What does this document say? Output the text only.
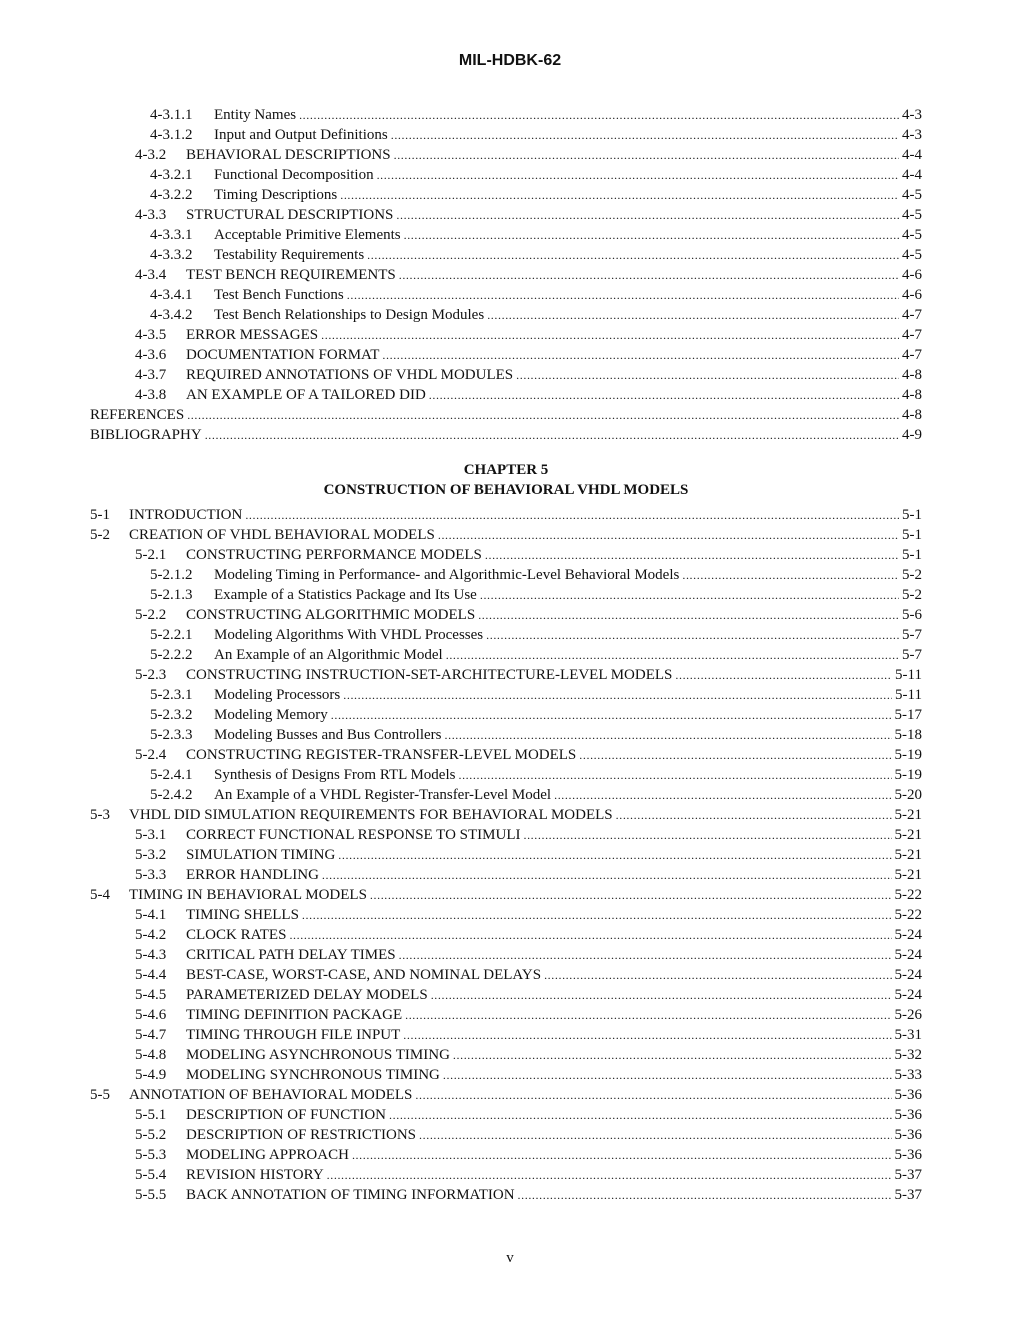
MIL-HDBK-62
4-3.1.1	Entity Names . . .	4-3
4-3.1.2	Input and Output Definitions . . .	4-3
4-3.2	BEHAVIORAL DESCRIPTIONS . . .	4-4
4-3.2.1	Functional Decomposition . . .	4-4
4-3.2.2	Timing Descriptions . . .	4-5
4-3.3	STRUCTURAL DESCRIPTIONS . . .	4-5
4-3.3.1	Acceptable Primitive Elements . . .	4-5
4-3.3.2	Testability Requirements . . .	4-5
4-3.4	TEST BENCH REQUIREMENTS . . .	4-6
4-3.4.1	Test Bench Functions . . .	4-6
4-3.4.2	Test Bench Relationships to Design Modules . . .	4-7
4-3.5	ERROR MESSAGES . . .	4-7
4-3.6	DOCUMENTATION FORMAT . . .	4-7
4-3.7	REQUIRED ANNOTATIONS OF VHDL MODULES . . .	4-8
4-3.8	AN EXAMPLE OF A TAILORED DID . . .	4-8
REFERENCES . . .	4-8
BIBLIOGRAPHY . . .	4-9
CHAPTER 5
CONSTRUCTION OF BEHAVIORAL VHDL MODELS
5-1	INTRODUCTION . . .	5-1
5-2	CREATION OF VHDL BEHAVIORAL MODELS . . .	5-1
5-2.1	CONSTRUCTING PERFORMANCE MODELS . . .	5-1
5-2.1.2	Modeling Timing in Performance- and Algorithmic-Level Behavioral Models . . .	5-2
5-2.1.3	Example of a Statistics Package and Its Use . . .	5-2
5-2.2	CONSTRUCTING ALGORITHMIC MODELS . . .	5-6
5-2.2.1	Modeling Algorithms With VHDL Processes . . .	5-7
5-2.2.2	An Example of an Algorithmic Model . . .	5-7
5-2.3	CONSTRUCTING INSTRUCTION-SET-ARCHITECTURE-LEVEL MODELS . . .	5-11
5-2.3.1	Modeling Processors . . .	5-11
5-2.3.2	Modeling Memory . . .	5-17
5-2.3.3	Modeling Busses and Bus Controllers . . .	5-18
5-2.4	CONSTRUCTING REGISTER-TRANSFER-LEVEL MODELS . . .	5-19
5-2.4.1	Synthesis of Designs From RTL Models . . .	5-19
5-2.4.2	An Example of a VHDL Register-Transfer-Level Model . . .	5-20
5-3	VHDL DID SIMULATION REQUIREMENTS FOR BEHAVIORAL MODELS . . .	5-21
5-3.1	CORRECT FUNCTIONAL RESPONSE TO STIMULI . . .	5-21
5-3.2	SIMULATION TIMING . . .	5-21
5-3.3	ERROR HANDLING . . .	5-21
5-4	TIMING IN BEHAVIORAL MODELS . . .	5-22
5-4.1	TIMING SHELLS . . .	5-22
5-4.2	CLOCK RATES . . .	5-24
5-4.3	CRITICAL PATH DELAY TIMES . . .	5-24
5-4.4	BEST-CASE, WORST-CASE, AND NOMINAL DELAYS . . .	5-24
5-4.5	PARAMETERIZED DELAY MODELS . . .	5-24
5-4.6	TIMING DEFINITION PACKAGE . . .	5-26
5-4.7	TIMING THROUGH FILE INPUT . . .	5-31
5-4.8	MODELING ASYNCHRONOUS TIMING . . .	5-32
5-4.9	MODELING SYNCHRONOUS TIMING . . .	5-33
5-5	ANNOTATION OF BEHAVIORAL MODELS . . .	5-36
5-5.1	DESCRIPTION OF FUNCTION . . .	5-36
5-5.2	DESCRIPTION OF RESTRICTIONS . . .	5-36
5-5.3	MODELING APPROACH . . .	5-36
5-5.4	REVISION HISTORY . . .	5-37
5-5.5	BACK ANNOTATION OF TIMING INFORMATION . . .	5-37
v
